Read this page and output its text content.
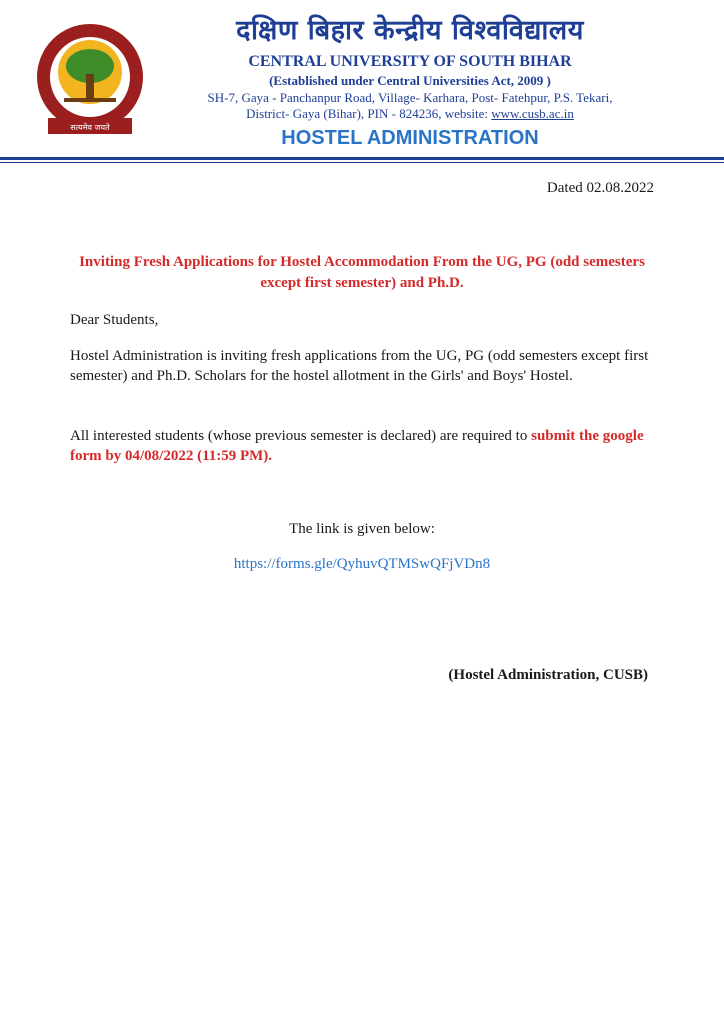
सत्यमेव जयते
दक्षिण बिहार केन्द्रीय विश्वविद्यालय
CENTRAL UNIVERSITY OF SOUTH BIHAR
(Established under Central Universities Act, 2009 )
SH-7, Gaya - Panchanpur Road, Village- Karhara, Post- Fatehpur, P.S. Tekari,
District- Gaya (Bihar), PIN - 824236, website: www.cusb.ac.in
HOSTEL ADMINISTRATION
Dated 02.08.2022
Inviting Fresh Applications for Hostel Accommodation From the UG, PG (odd semesters except first semester) and Ph.D.
Dear Students,
Hostel Administration is inviting fresh applications from the UG, PG (odd semesters except first semester) and Ph.D. Scholars for the hostel allotment in the Girls' and Boys' Hostel.
All interested students (whose previous semester is declared) are required to submit the google form by 04/08/2022 (11:59 PM).
The link is given below:
https://forms.gle/QyhuvQTMSwQFjVDn8
(Hostel Administration, CUSB)
